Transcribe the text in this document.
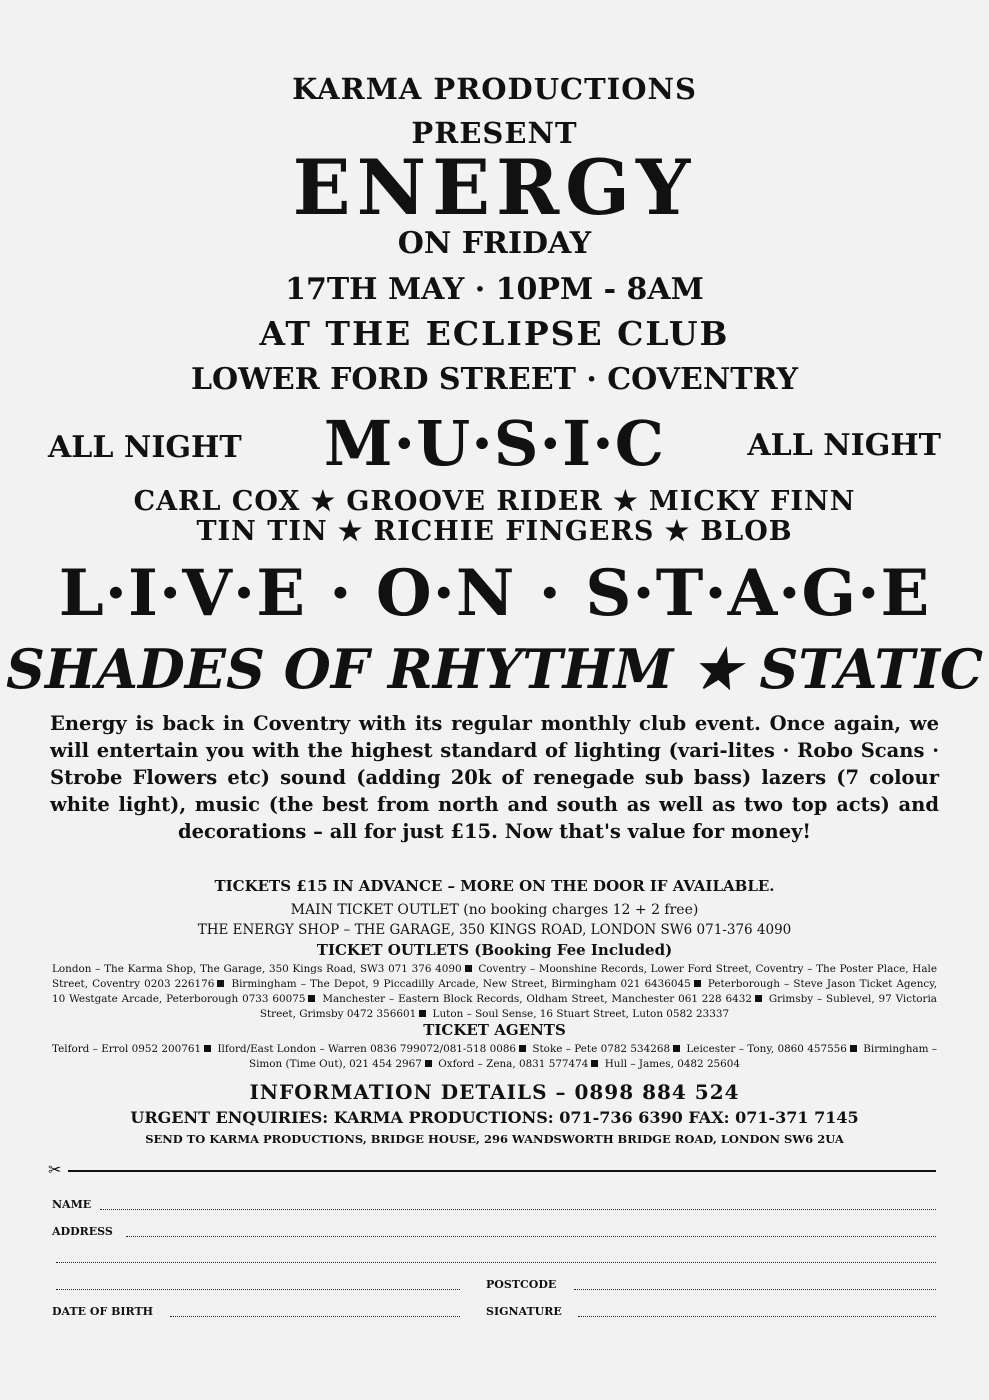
KARMA PRODUCTIONS
PRESENT
ENERGY
ON FRIDAY
17TH MAY · 10PM - 8AM
AT THE ECLIPSE CLUB
LOWER FORD STREET · COVENTRY
ALL NIGHT	M·U·S·I·C	ALL NIGHT
CARL COX ★ GROOVE RIDER ★ MICKY FINN
TIN TIN ★ RICHIE FINGERS ★ BLOB
L·I·V·E · O·N · S·T·A·G·E
SHADES OF RHYTHM ★ STATIC
Energy is back in Coventry with its regular monthly club event. Once again, we will entertain you with the highest standard of lighting (vari-lites · Robo Scans · Strobe Flowers etc) sound (adding 20k of renegade sub bass) lazers (7 colour white light), music (the best from north and south as well as two top acts) and decorations – all for just £15. Now that's value for money!
TICKETS £15 IN ADVANCE – MORE ON THE DOOR IF AVAILABLE.
MAIN TICKET OUTLET (no booking charges 12 + 2 free)
THE ENERGY SHOP – THE GARAGE, 350 KINGS ROAD, LONDON SW6 071-376 4090
TICKET OUTLETS (Booking Fee Included)
London – The Karma Shop, The Garage, 350 Kings Road, SW3 071 376 4090 Coventry – Moonshine Records, Lower Ford Street, Coventry – The Poster Place, Hale Street, Coventry 0203 226176 Birmingham – The Depot, 9 Piccadilly Arcade, New Street, Birmingham 021 6436045 Peterborough – Steve Jason Ticket Agency, 10 Westgate Arcade, Peterborough 0733 60075 Manchester – Eastern Block Records, Oldham Street, Manchester 061 228 6432 Grimsby – Sublevel, 97 Victoria Street, Grimsby 0472 356601 Luton – Soul Sense, 16 Stuart Street, Luton 0582 23337
TICKET AGENTS
Telford – Errol 0952 200761 Ilford/East London – Warren 0836 799072/081-518 0086 Stoke – Pete 0782 534268 Leicester – Tony, 0860 457556 Birmingham – Simon (Time Out), 021 454 2967 Oxford – Zena, 0831 577474 Hull – James, 0482 25604
INFORMATION DETAILS – 0898 884 524
URGENT ENQUIRIES: KARMA PRODUCTIONS: 071-736 6390 FAX: 071-371 7145
SEND TO KARMA PRODUCTIONS, BRIDGE HOUSE, 296 WANDSWORTH BRIDGE ROAD, LONDON SW6 2UA
✂
NAME
ADDRESS
POSTCODE
DATE OF BIRTH	SIGNATURE
